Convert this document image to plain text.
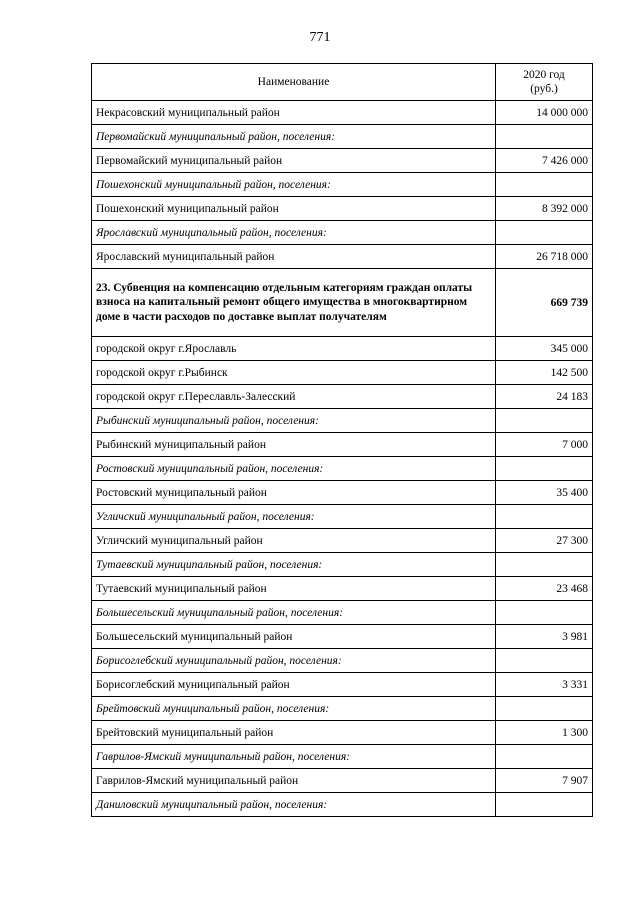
771
Наименование	2020 год
(руб.)
Некрасовский муниципальный район	14 000 000
Первомайский муниципальный район, поселения:	
Первомайский муниципальный район	7 426 000
Пошехонский муниципальный район, поселения:	
Пошехонский муниципальный район	8 392 000
Ярославский муниципальный район, поселения:	
Ярославский муниципальный район	26 718 000
23. Субвенция на компенсацию отдельным категориям граждан оплаты взноса на капитальный ремонт общего имущества в многоквартирном доме в части расходов по доставке выплат получателям	669 739
городской округ г.Ярославль	345 000
городской округ г.Рыбинск	142 500
городской округ г.Переславль-Залесский	24 183
Рыбинский муниципальный район, поселения:	
Рыбинский муниципальный район	7 000
Ростовский муниципальный район, поселения:	
Ростовский муниципальный район	35 400
Угличский муниципальный район, поселения:	
Угличский муниципальный район	27 300
Тутаевский муниципальный район, поселения:	
Тутаевский муниципальный район	23 468
Большесельский муниципальный район, поселения:	
Большесельский муниципальный район	3 981
Борисоглебский муниципальный район, поселения:	
Борисоглебский муниципальный район	3 331
Брейтовский муниципальный район, поселения:	
Брейтовский муниципальный район	1 300
Гаврилов-Ямский муниципальный район, поселения:	
Гаврилов-Ямский муниципальный район	7 907
Даниловский муниципальный район, поселения:	
